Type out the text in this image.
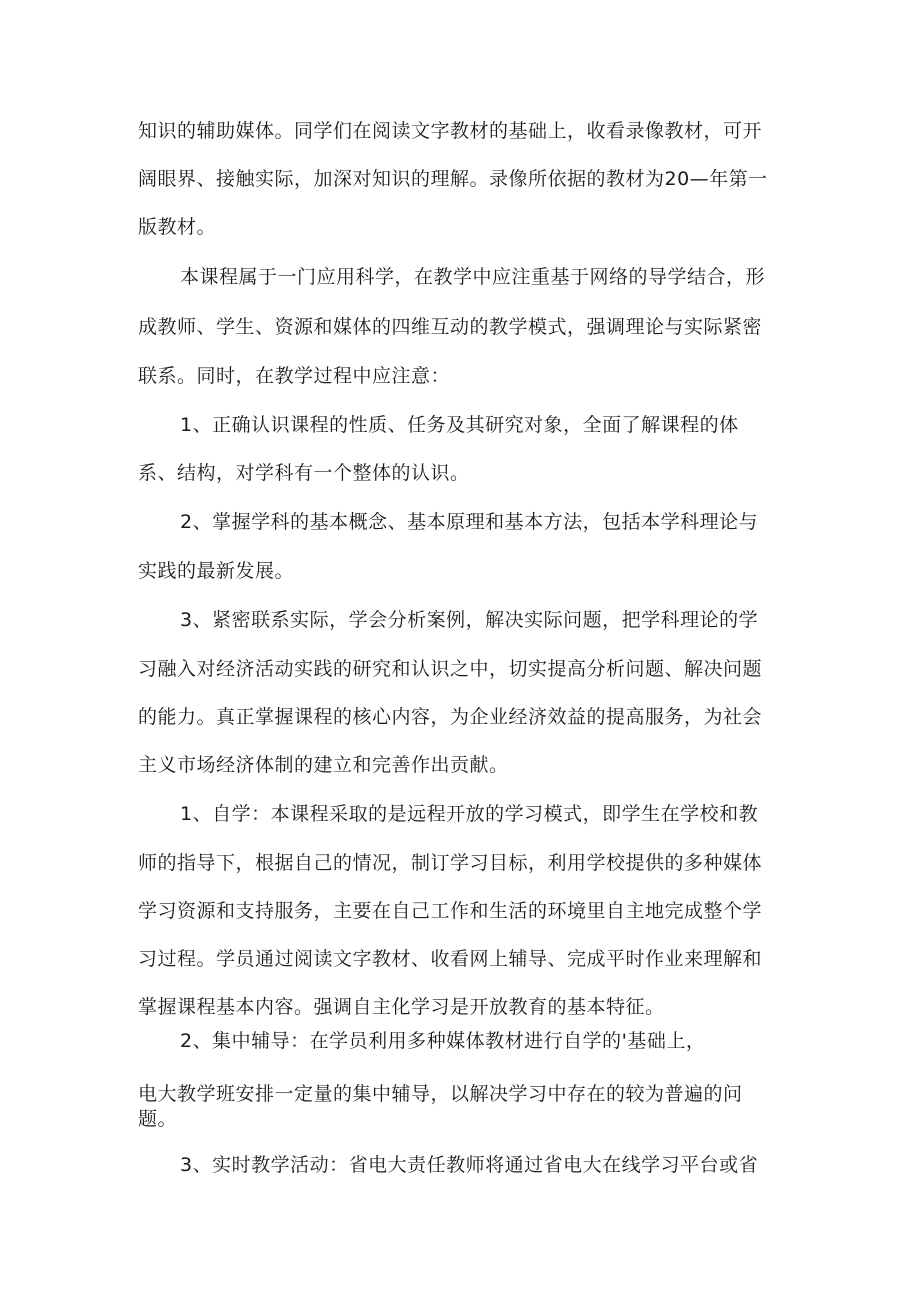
知识的辅助媒体。同学们在阅读文字教材的基础上，收看录像教材，可开
阔眼界、接触实际，加深对知识的理解。录像所依据的教材为20—年第一
版教材。
本课程属于一门应用科学，在教学中应注重基于网络的导学结合，形
成教师、学生、资源和媒体的四维互动的教学模式，强调理论与实际紧密
联系。同时，在教学过程中应注意：
1、正确认识课程的性质、任务及其研究对象，全面了解课程的体
系、结构，对学科有一个整体的认识。
2、掌握学科的基本概念、基本原理和基本方法，包括本学科理论与
实践的最新发展。
3、紧密联系实际，学会分析案例，解决实际问题，把学科理论的学
习融入对经济活动实践的研究和认识之中，切实提高分析问题、解决问题
的能力。真正掌握课程的核心内容，为企业经济效益的提高服务，为社会
主义市场经济体制的建立和完善作出贡献。
1、自学：本课程采取的是远程开放的学习模式，即学生在学校和教
师的指导下，根据自己的情况，制订学习目标，利用学校提供的多种媒体
学习资源和支持服务，主要在自己工作和生活的环境里自主地完成整个学
习过程。学员通过阅读文字教材、收看网上辅导、完成平时作业来理解和
掌握课程基本内容。强调自主化学习是开放教育的基本特征。
2、集中辅导：在学员利用多种媒体教材进行自学的'基础上，
电大教学班安排一定量的集中辅导，以解决学习中存在的较为普遍的问
题。
3、实时教学活动：省电大责任教师将通过省电大在线学习平台或省
